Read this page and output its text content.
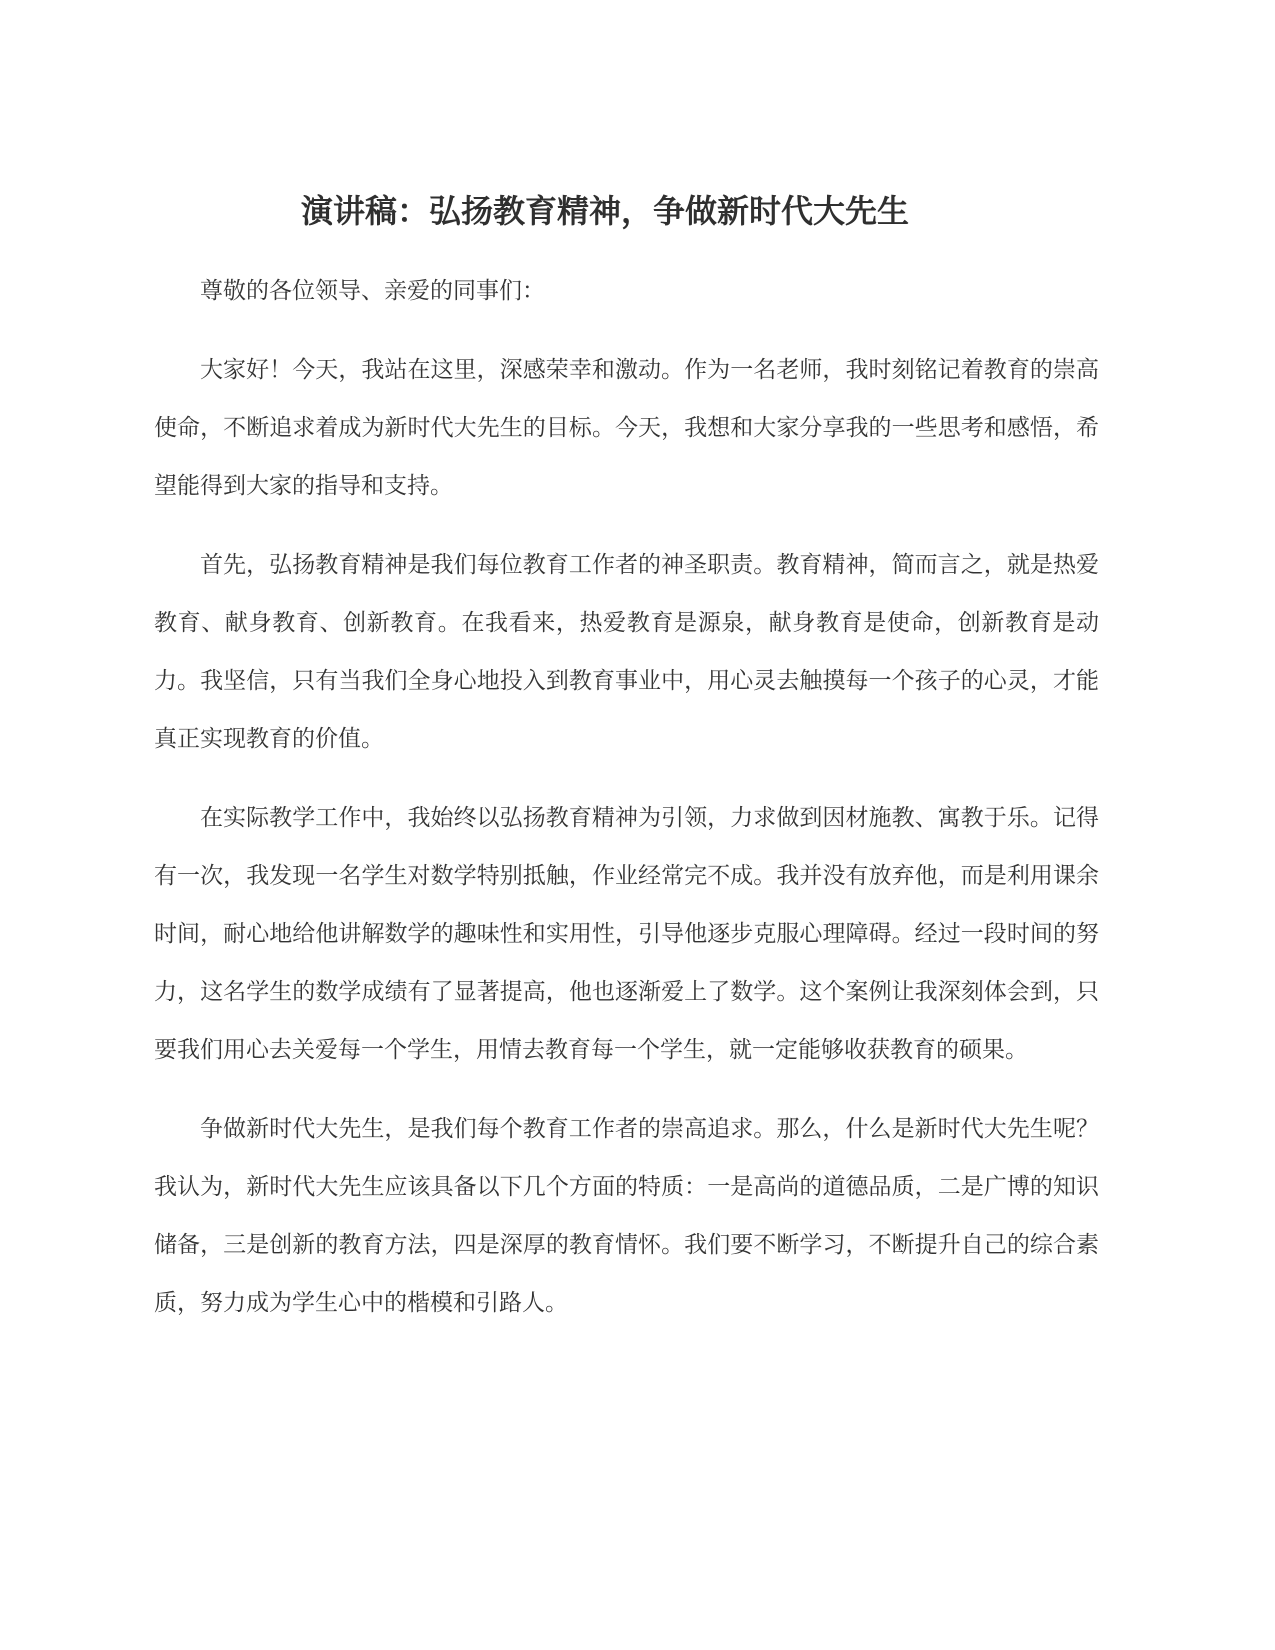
演讲稿：弘扬教育精神，争做新时代大先生

尊敬的各位领导、亲爱的同事们：

大家好！今天，我站在这里，深感荣幸和激动。作为一名老师，我时刻铭记着教育的崇高使命，不断追求着成为新时代大先生的目标。今天，我想和大家分享我的一些思考和感悟，希望能得到大家的指导和支持。

首先，弘扬教育精神是我们每位教育工作者的神圣职责。教育精神，简而言之，就是热爱教育、献身教育、创新教育。在我看来，热爱教育是源泉，献身教育是使命，创新教育是动力。我坚信，只有当我们全身心地投入到教育事业中，用心灵去触摸每一个孩子的心灵，才能真正实现教育的价值。

在实际教学工作中，我始终以弘扬教育精神为引领，力求做到因材施教、寓教于乐。记得有一次，我发现一名学生对数学特别抵触，作业经常完不成。我并没有放弃他，而是利用课余时间，耐心地给他讲解数学的趣味性和实用性，引导他逐步克服心理障碍。经过一段时间的努力，这名学生的数学成绩有了显著提高，他也逐渐爱上了数学。这个案例让我深刻体会到，只要我们用心去关爱每一个学生，用情去教育每一个学生，就一定能够收获教育的硕果。

争做新时代大先生，是我们每个教育工作者的崇高追求。那么，什么是新时代大先生呢？我认为，新时代大先生应该具备以下几个方面的特质：一是高尚的道德品质，二是广博的知识储备，三是创新的教育方法，四是深厚的教育情怀。我们要不断学习，不断提升自己的综合素质，努力成为学生心中的楷模和引路人。
